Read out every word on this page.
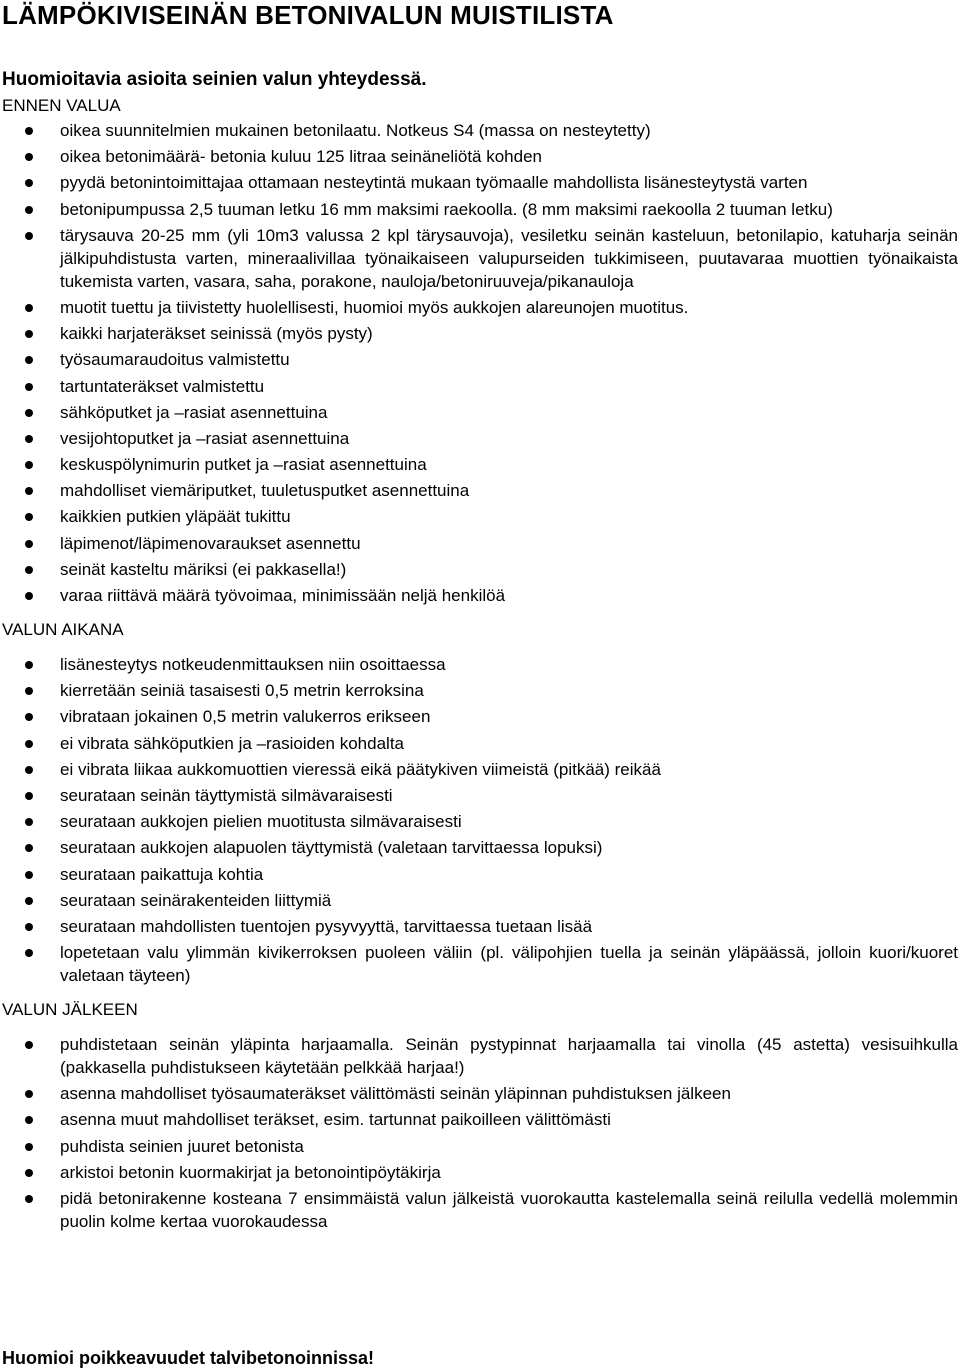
LÄMPÖKIVISEINÄN BETONIVALUN MUISTILISTA
Huomioitavia asioita seinien valun yhteydessä.
ENNEN VALUA
oikea suunnitelmien mukainen betonilaatu. Notkeus S4 (massa on nesteytetty)
oikea betonimäärä- betonia kuluu 125 litraa seinäneliötä kohden
pyydä betonintoimittajaa ottamaan nesteytintä mukaan työmaalle mahdollista lisänesteytystä varten
betonipumpussa 2,5 tuuman letku 16 mm maksimi raekoolla. (8 mm maksimi raekoolla 2 tuuman letku)
tärysauva 20-25 mm (yli 10m3 valussa 2 kpl tärysauvoja), vesiletku seinän kasteluun, betonilapio, katuharja seinän jälkipuhdistusta varten, mineraalivillaa työnaikaiseen valupurseiden tukkimiseen, puutavaraa muottien työnaikaista tukemista varten, vasara, saha, porakone, nauloja/betoniruuveja/pikanauloja
muotit tuettu ja tiivistetty huolellisesti, huomioi myös aukkojen alareunojen muotitus.
kaikki harjateräkset seinissä (myös pysty)
työsaumaraudoitus valmistettu
tartuntateräkset valmistettu
sähköputket ja –rasiat asennettuina
vesijohtoputket ja –rasiat asennettuina
keskuspölynimurin putket ja –rasiat asennettuina
mahdolliset viemäriputket, tuuletusputket asennettuina
kaikkien putkien yläpäät tukittu
läpimenot/läpimenovaraukset asennettu
seinät kasteltu märiksi (ei pakkasella!)
varaa riittävä määrä työvoimaa, minimissään neljä henkilöä
VALUN AIKANA
lisänesteytys notkeudenmittauksen niin osoittaessa
kierretään seiniä tasaisesti 0,5 metrin kerroksina
vibrataan jokainen 0,5 metrin valukerros erikseen
ei vibrata sähköputkien ja –rasioiden kohdalta
ei vibrata liikaa aukkomuottien vieressä eikä päätykiven viimeistä (pitkää) reikää
seurataan seinän täyttymistä silmävaraisesti
seurataan aukkojen pielien muotitusta silmävaraisesti
seurataan aukkojen alapuolen täyttymistä (valetaan tarvittaessa lopuksi)
seurataan paikattuja kohtia
seurataan seinärakenteiden liittymiä
seurataan mahdollisten tuentojen pysyvyyttä, tarvittaessa tuetaan lisää
lopetetaan valu ylimmän kivikerroksen puoleen väliin (pl. välipohjien tuella ja seinän yläpäässä, jolloin kuori/kuoret valetaan täyteen)
VALUN JÄLKEEN
puhdistetaan seinän yläpinta harjaamalla. Seinän pystypinnat harjaamalla tai vinolla (45 astetta) vesisuihkulla (pakkasella puhdistukseen käytetään pelkkää harjaa!)
asenna mahdolliset työsaumateräkset välittömästi seinän yläpinnan puhdistuksen jälkeen
asenna muut mahdolliset teräkset, esim. tartunnat paikoilleen välittömästi
puhdista seinien juuret betonista
arkistoi betonin kuormakirjat ja betonointipöytäkirja
pidä betonirakenne kosteana 7 ensimmäistä valun jälkeistä vuorokautta kastelemalla seinä reilulla vedellä molemmin puolin kolme kertaa vuorokaudessa

Huomioi poikkeavuudet talvibetonoinnissa!
